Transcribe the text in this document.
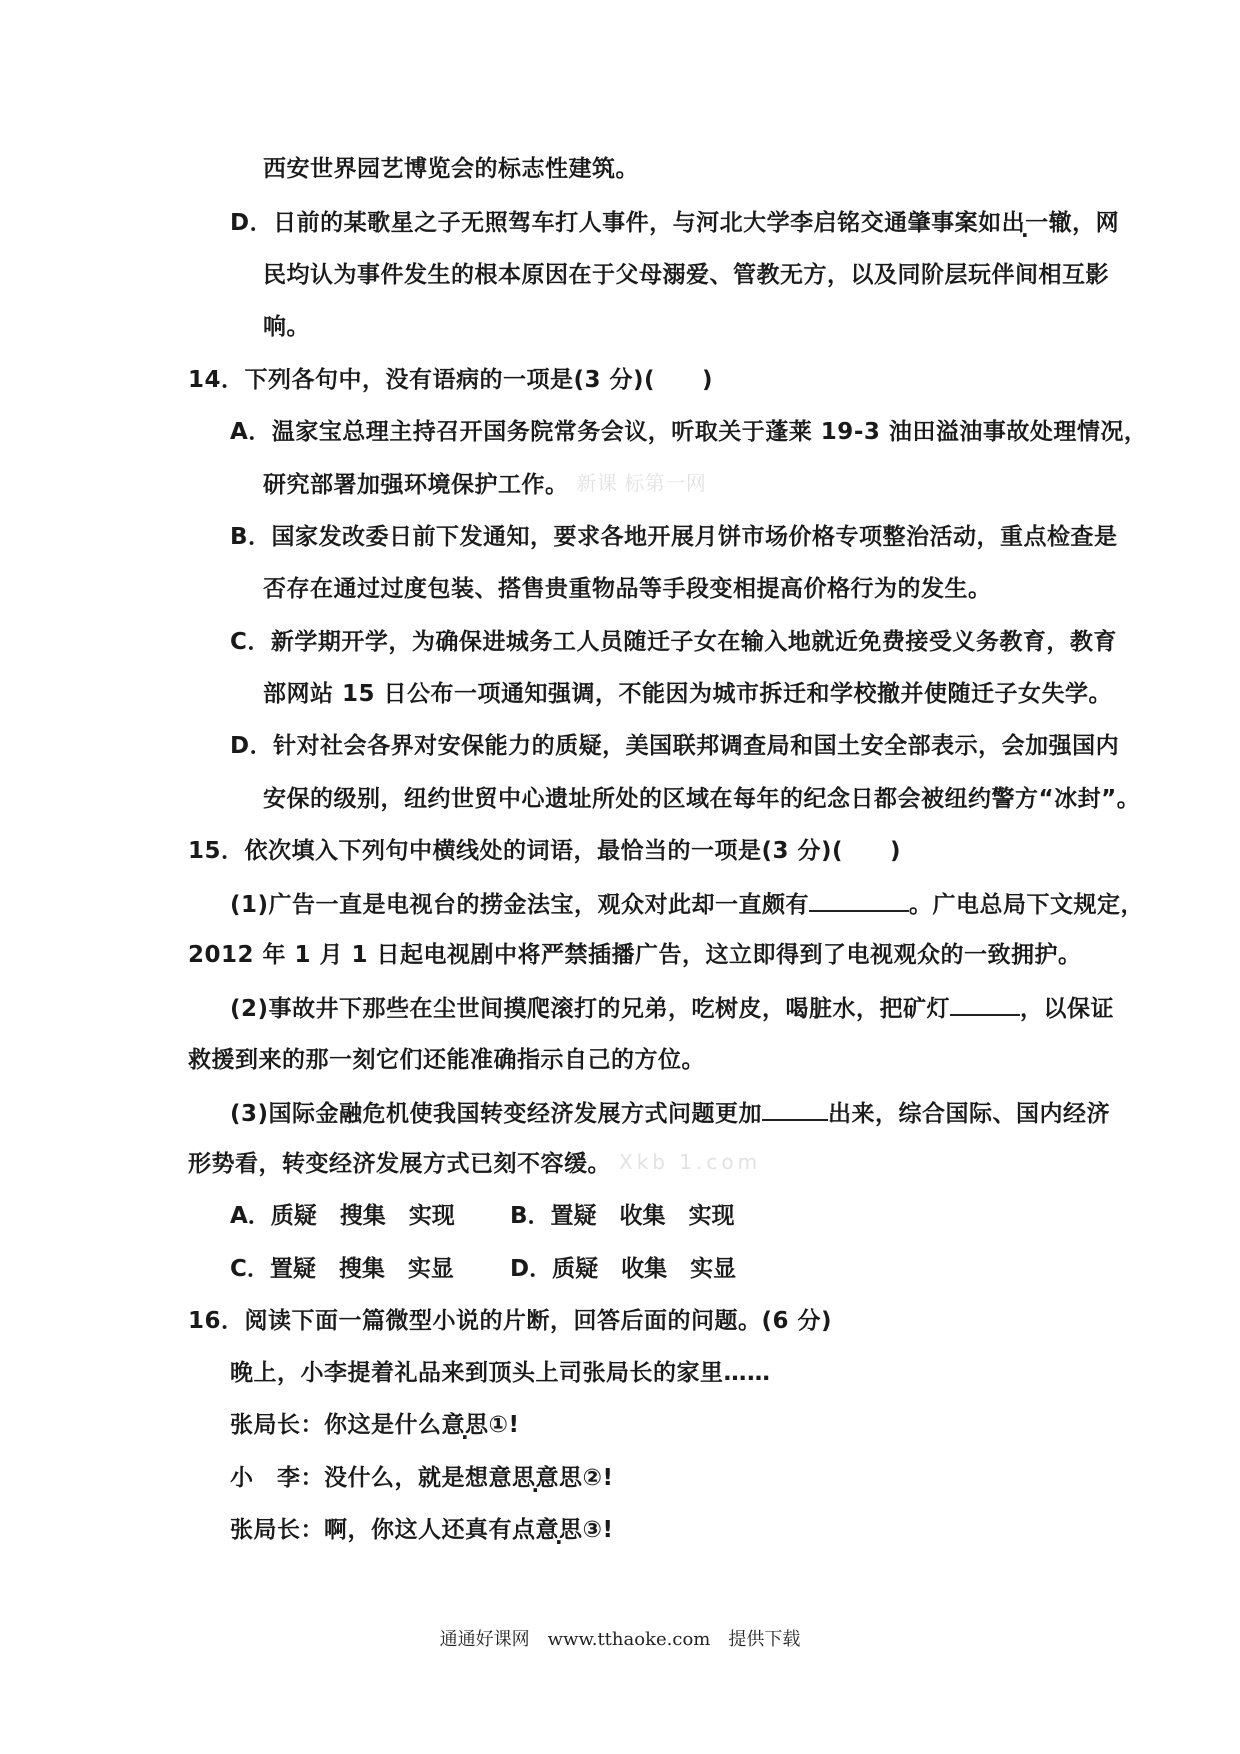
西安世界园艺博览会的标志性建筑。
D．日前的某歌星之子无照驾车打人事件，与河北大学李启铭交通肇事案如出一辙，网
民均认为事件发生的根本原因在于父母溺爱、管教无方，以及同阶层玩伴间相互影
响。
14．下列各句中，没有语病的一项是(3 分)(　　)
A．温家宝总理主持召开国务院常务会议，听取关于蓬莱 19-3 油田溢油事故处理情况，
研究部署加强环境保护工作。 新课 标第一网
B．国家发改委日前下发通知，要求各地开展月饼市场价格专项整治活动，重点检查是
否存在通过过度包装、搭售贵重物品等手段变相提高价格行为的发生。
C．新学期开学，为确保进城务工人员随迁子女在输入地就近免费接受义务教育，教育
部网站 15 日公布一项通知强调，不能因为城市拆迁和学校撤并使随迁子女失学。
D．针对社会各界对安保能力的质疑，美国联邦调查局和国土安全部表示，会加强国内
安保的级别，纽约世贸中心遗址所处的区域在每年的纪念日都会被纽约警方“冰封”。
15．依次填入下列句中横线处的词语，最恰当的一项是(3 分)(　　)
(1)广告一直是电视台的捞金法宝，观众对此却一直颇有	。广电总局下文规定，
2012 年 1 月 1 日起电视剧中将严禁插播广告，这立即得到了电视观众的一致拥护。
(2)事故井下那些在尘世间摸爬滚打的兄弟，吃树皮，喝脏水，把矿灯	，以保证
救援到来的那一刻它们还能准确指示自己的方位。
(3)国际金融危机使我国转变经济发展方式问题更加	出来，综合国际、国内经济
形势看，转变经济发展方式已刻不容缓。 Xkb 1.com
A．质疑　搜集　实现 B．置疑　收集　实现
C．置疑　搜集　实显 D．质疑　收集　实显
16．阅读下面一篇微型小说的片断，回答后面的问题。(6 分)
晚上，小李提着礼品来到顶头上司张局长的家里……
张局长：你这是什么意思①!
小　李：没什么，就是想意思意思②!
张局长：啊，你这人还真有点意思③!
通通好课网　www.tthaoke.com　提供下载
